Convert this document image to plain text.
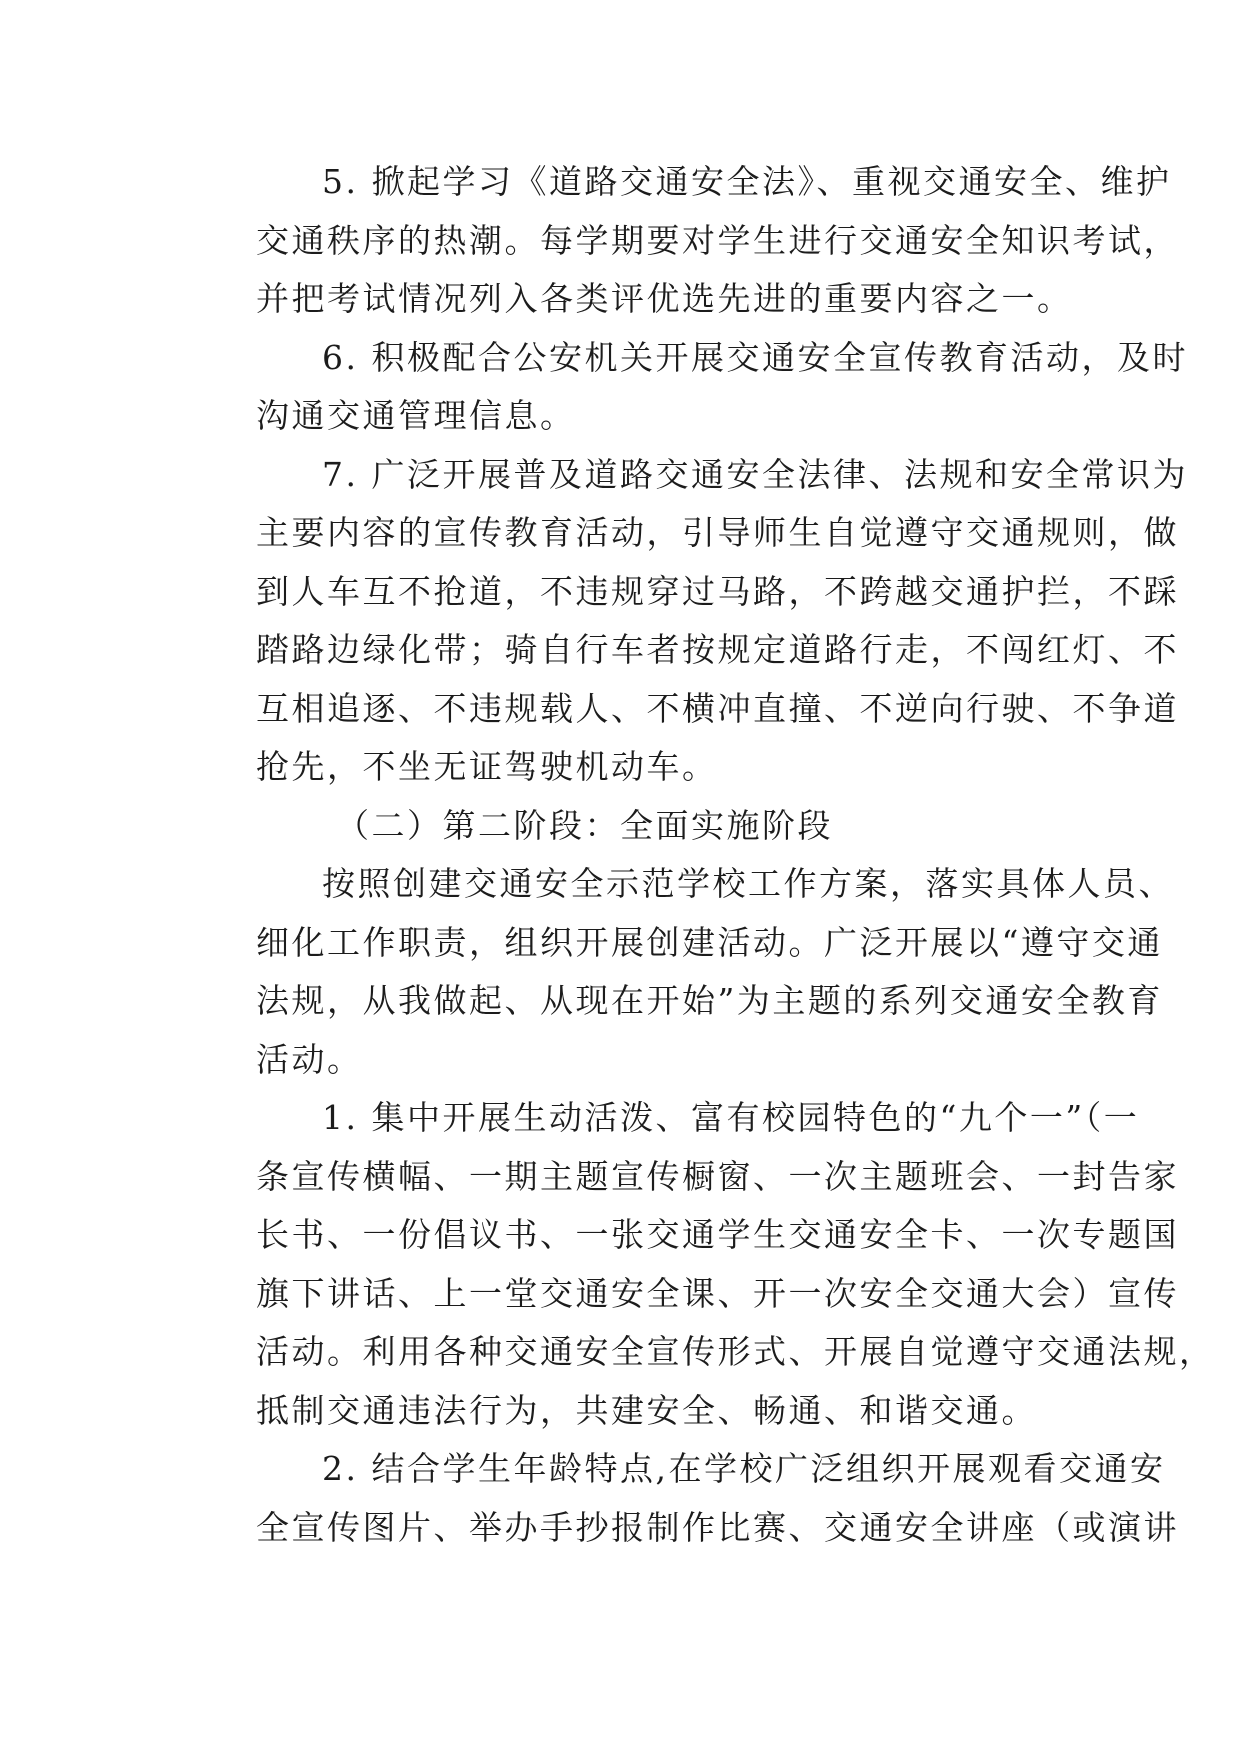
5. 掀起学习《道路交通安全法》、重视交通安全、维护
交通秩序的热潮。每学期要对学生进行交通安全知识考试，
并把考试情况列入各类评优选先进的重要内容之一。
6. 积极配合公安机关开展交通安全宣传教育活动，及时
沟通交通管理信息。
7. 广泛开展普及道路交通安全法律、法规和安全常识为
主要内容的宣传教育活动，引导师生自觉遵守交通规则，做
到人车互不抢道，不违规穿过马路，不跨越交通护拦，不踩
踏路边绿化带；骑自行车者按规定道路行走，不闯红灯、不
互相追逐、不违规载人、不横冲直撞、不逆向行驶、不争道
抢先，不坐无证驾驶机动车。
（二）第二阶段：全面实施阶段
按照创建交通安全示范学校工作方案，落实具体人员、
细化工作职责，组织开展创建活动。广泛开展以“遵守交通
法规，从我做起、从现在开始”为主题的系列交通安全教育
活动。
1. 集中开展生动活泼、富有校园特色的“九个一”（一
条宣传横幅、一期主题宣传橱窗、一次主题班会、一封告家
长书、一份倡议书、一张交通学生交通安全卡、一次专题国
旗下讲话、上一堂交通安全课、开一次安全交通大会）宣传
活动。利用各种交通安全宣传形式、开展自觉遵守交通法规，
抵制交通违法行为，共建安全、畅通、和谐交通。
2. 结合学生年龄特点,在学校广泛组织开展观看交通安
全宣传图片、举办手抄报制作比赛、交通安全讲座（或演讲
